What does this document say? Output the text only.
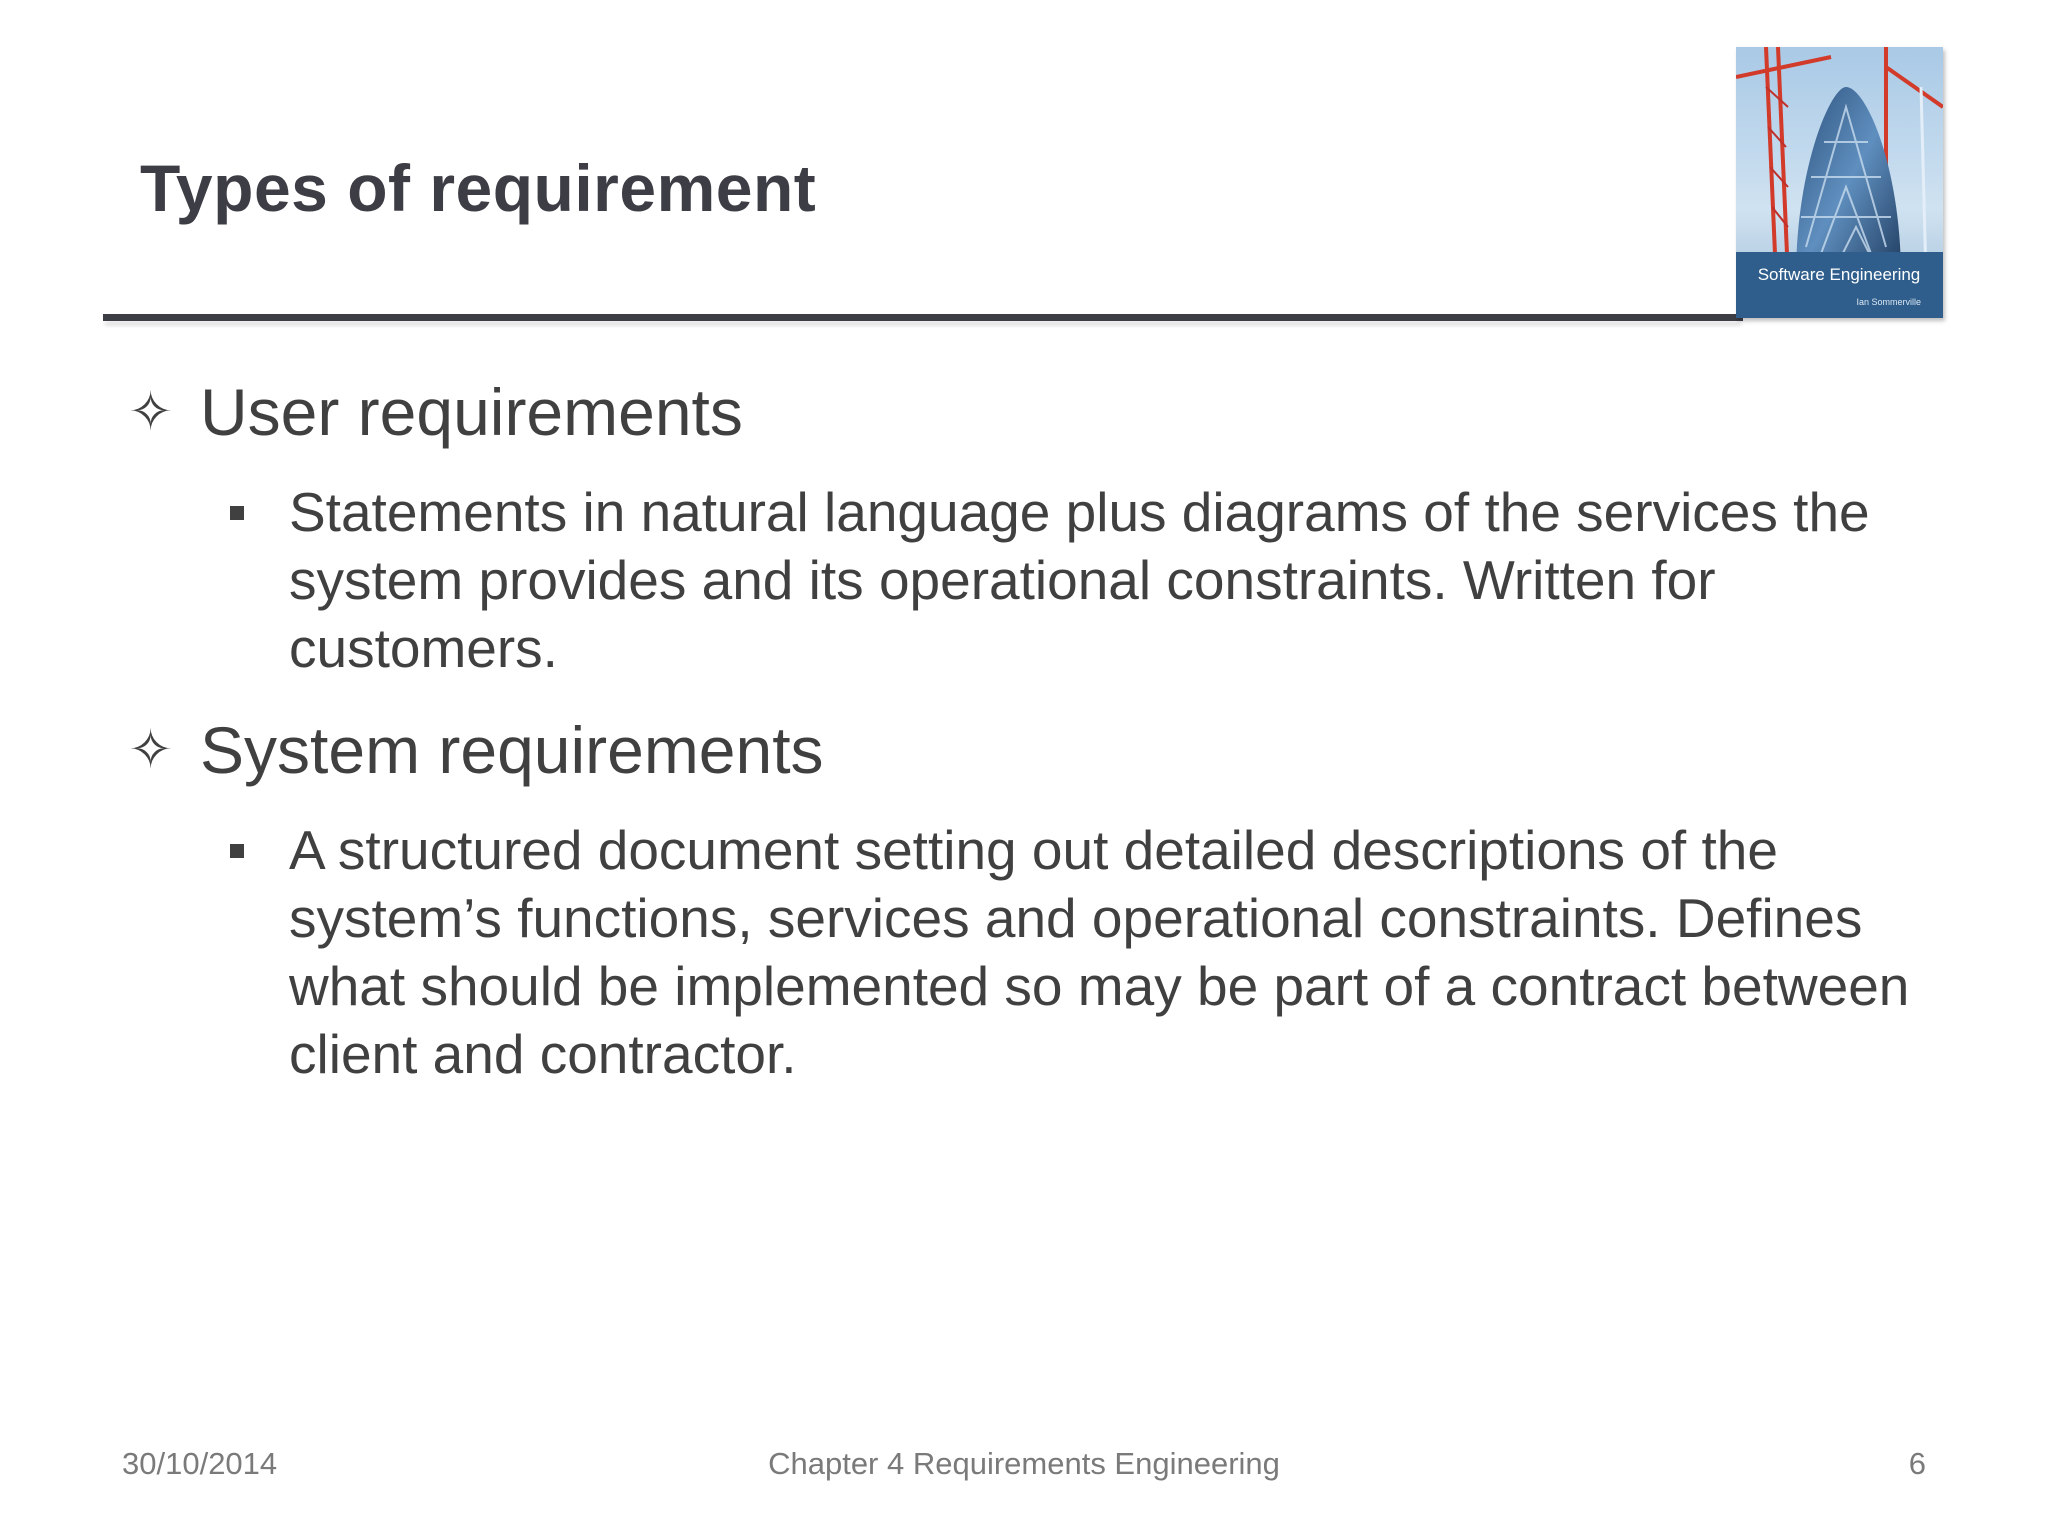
Types of requirement
Software Engineering
Ian Sommerville
✧ User requirements
Statements in natural language plus diagrams of the services the system provides and its operational constraints. Written for customers.
✧ System requirements
A structured document setting out detailed descriptions of the system’s functions, services and operational constraints. Defines what should be implemented so may be part of a contract between client and contractor.
30/10/2014	Chapter 4 Requirements Engineering	6
